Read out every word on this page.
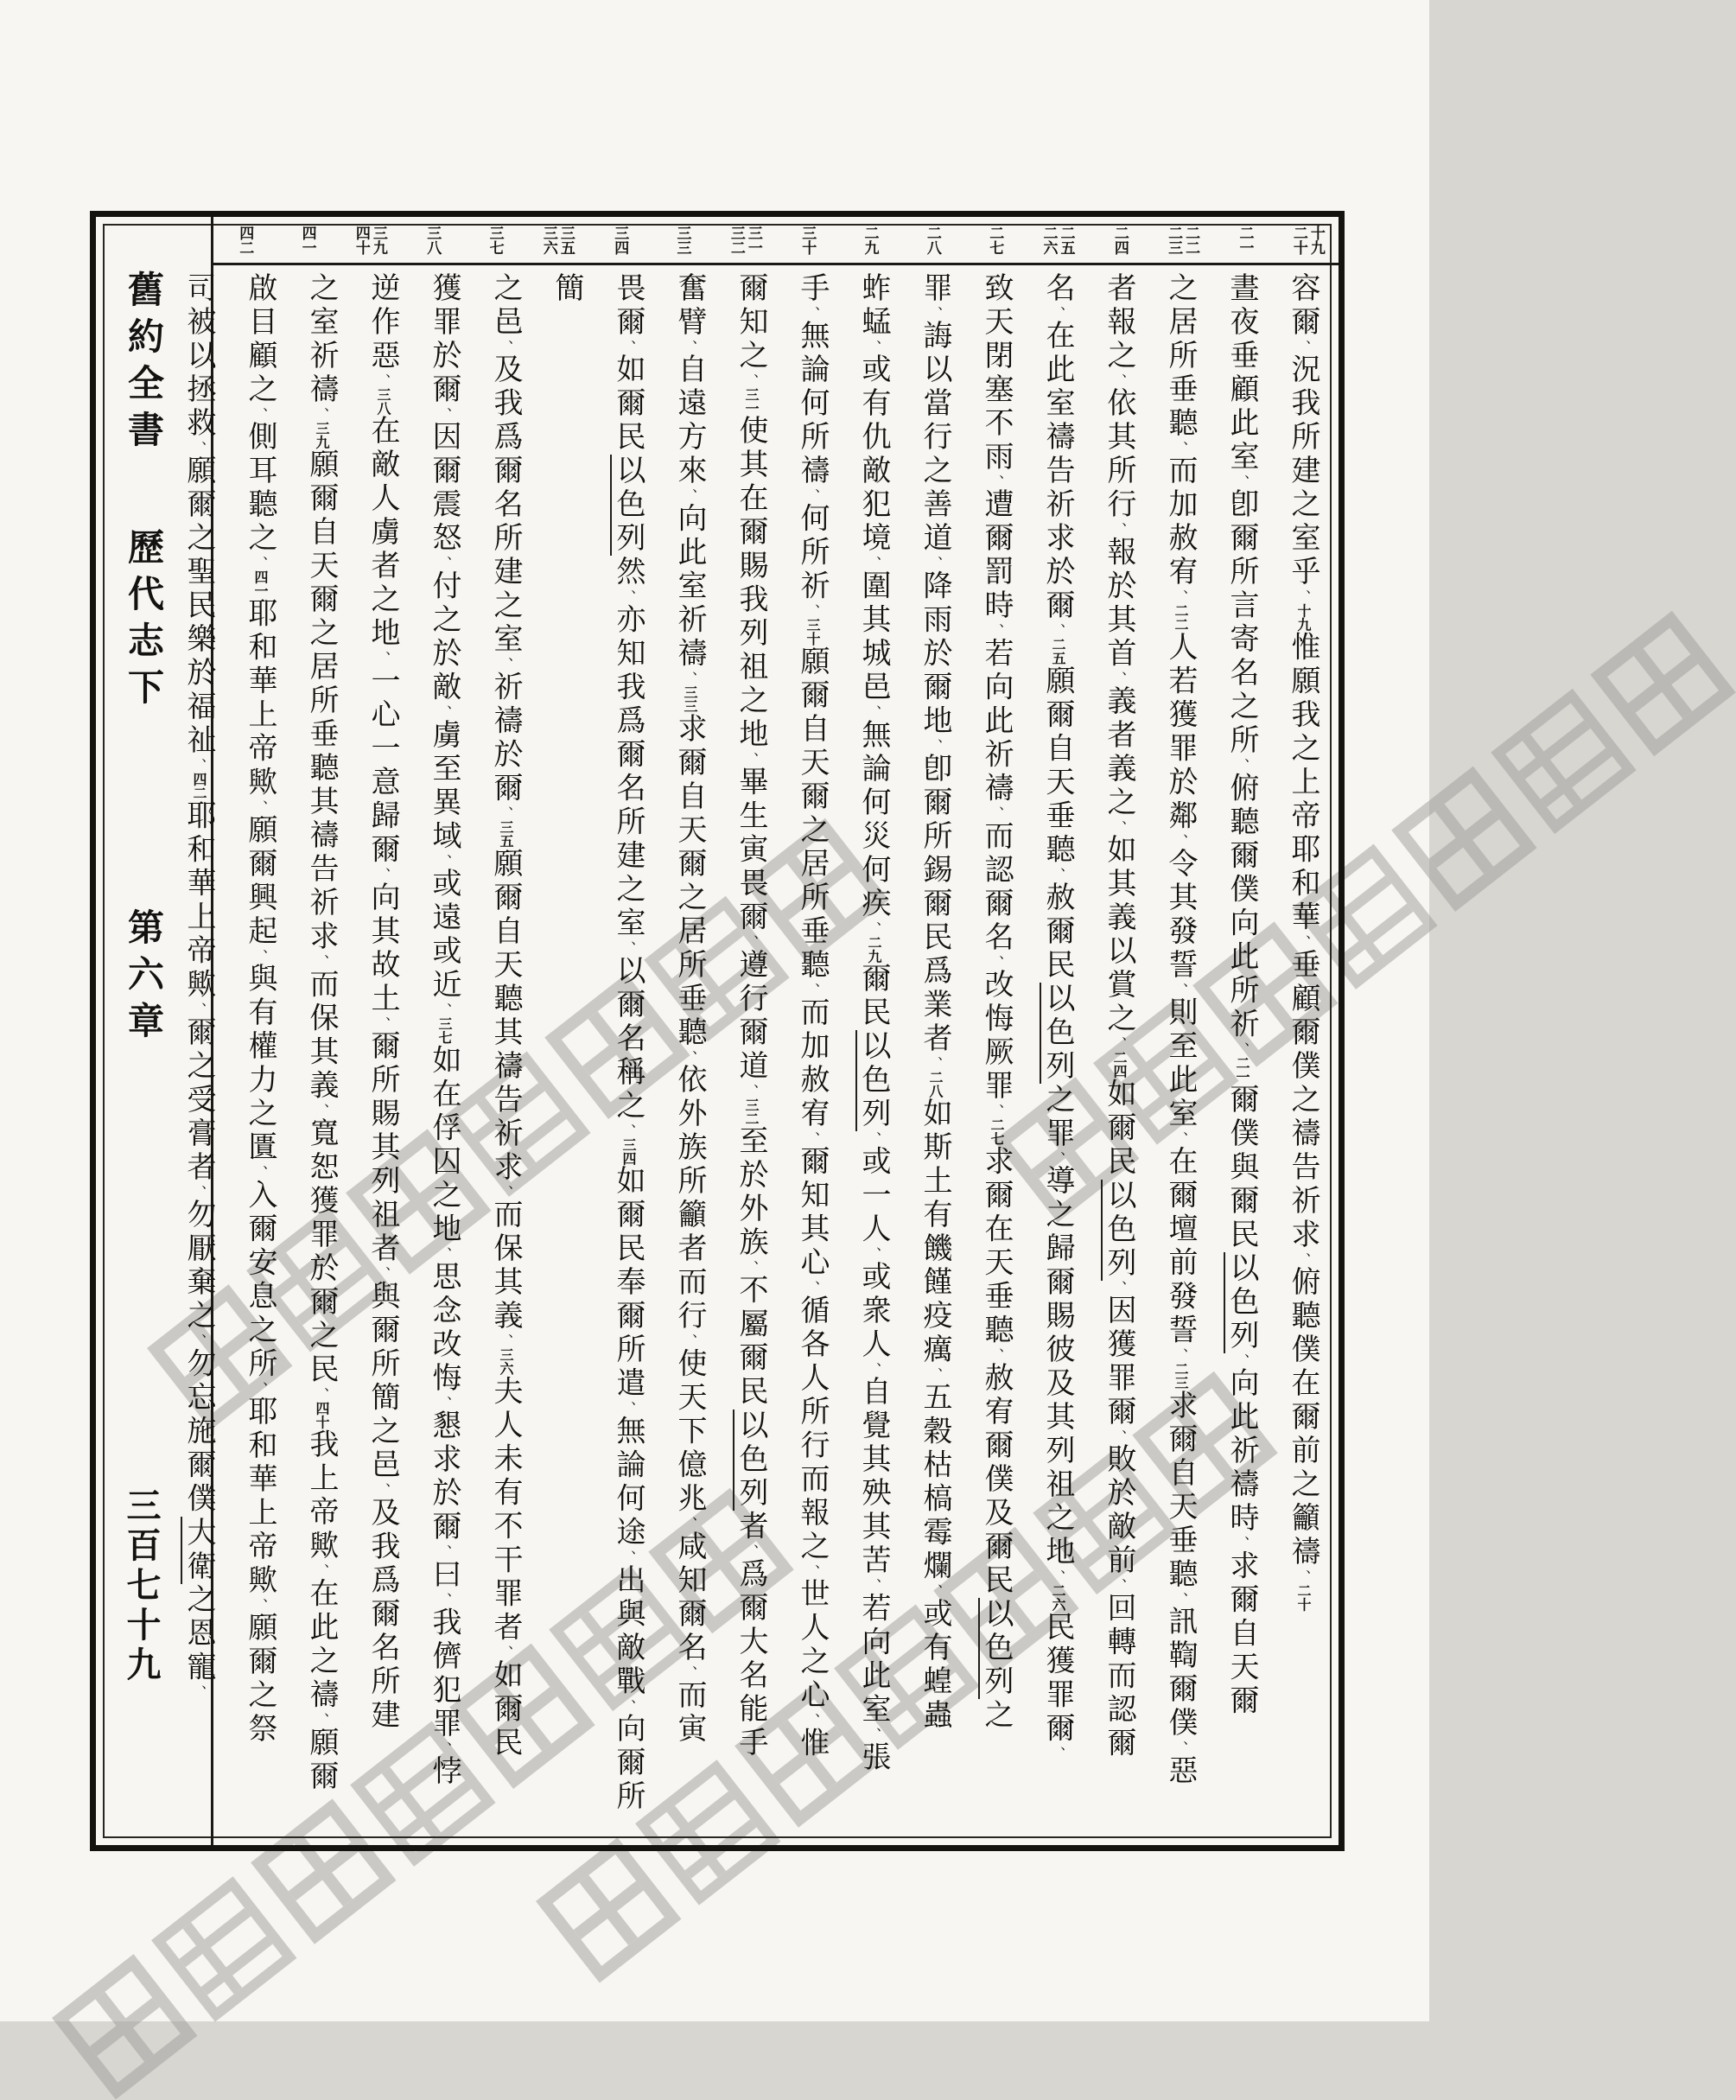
舊約全書
歷代志下
第六章
三百七十九
十九
二十
二一
二二
二三
二四
二五
二六
二七
二八
二九
三十
三一
三二
三三
三四
三五
三六
三七
三八
三九
四十
四一
四二
容爾、況我所建之室乎、十九惟願我之上帝耶和華、垂顧爾僕之禱告祈求、俯聽僕在爾前之籲禱、二十
晝夜垂顧此室、卽爾所言寄名之所、俯聽爾僕向此所祈、二一爾僕與爾民以色列、向此祈禱時、求爾自天爾
之居所垂聽、而加赦宥、二二人若獲罪於鄰、令其發誓、則至此室、在爾壇前發誓、二三求爾自天垂聽、訊鞫爾僕、惡
者報之、依其所行、報於其首、義者義之、如其義以賞之、二四如爾民以色列、因獲罪爾、敗於敵前、回轉而認爾
名、在此室禱告祈求於爾、二五願爾自天垂聽、赦爾民以色列之罪、導之歸爾賜彼及其列祖之地、二六民獲罪爾、
致天閉塞不雨、遭爾罰時、若向此祈禱、而認爾名、改悔厥罪、二七求爾在天垂聽、赦宥爾僕及爾民以色列之
罪、誨以當行之善道、降雨於爾地、卽爾所錫爾民爲業者、二八如斯土有饑饉疫癘、五穀枯槁霉爛、或有蝗蟲
蚱蜢、或有仇敵犯境、圍其城邑、無論何災何疾、二九爾民以色列、或一人、或衆人、自覺其殃其苦、若向此室、張
手、無論何所禱、何所祈、三十願爾自天爾之居所垂聽、而加赦宥、爾知其心、循各人所行而報之、世人之心、惟
爾知之、三一使其在爾賜我列祖之地、畢生寅畏爾、遵行爾道、三二至於外族、不屬爾民以色列者、爲爾大名能手
奮臂、自遠方來、向此室祈禱、三三求爾自天爾之居所垂聽、依外族所籲者而行、使天下億兆、咸知爾名、而寅
畏爾、如爾民以色列然、亦知我爲爾名所建之室、以爾名稱之、三四如爾民奉爾所遣、無論何途、出與敵戰、向爾所簡
之邑、及我爲爾名所建之室、祈禱於爾、三五願爾自天聽其禱告祈求、而保其義、三六夫人未有不干罪者、如爾民
獲罪於爾、因爾震怒、付之於敵、虜至異域、或遠或近、三七如在俘囚之地、思念改悔、懇求於爾、曰、我儕犯罪、悖
逆作惡、三八在敵人虜者之地、一心一意歸爾、向其故土、爾所賜其列祖者、與爾所簡之邑、及我爲爾名所建
之室祈禱、三九願爾自天爾之居所垂聽其禱告祈求、而保其義、寬恕獲罪於爾之民、四十我上帝歟、在此之禱、願爾
啟目顧之、側耳聽之、四一耶和華上帝歟、願爾興起、與有權力之匱、入爾安息之所、耶和華上帝歟、願爾之祭
司被以拯救、願爾之聖民樂於福祉、四二耶和華上帝歟、爾之受膏者、勿厭棄之、勿忘施爾僕大衛之恩寵、
